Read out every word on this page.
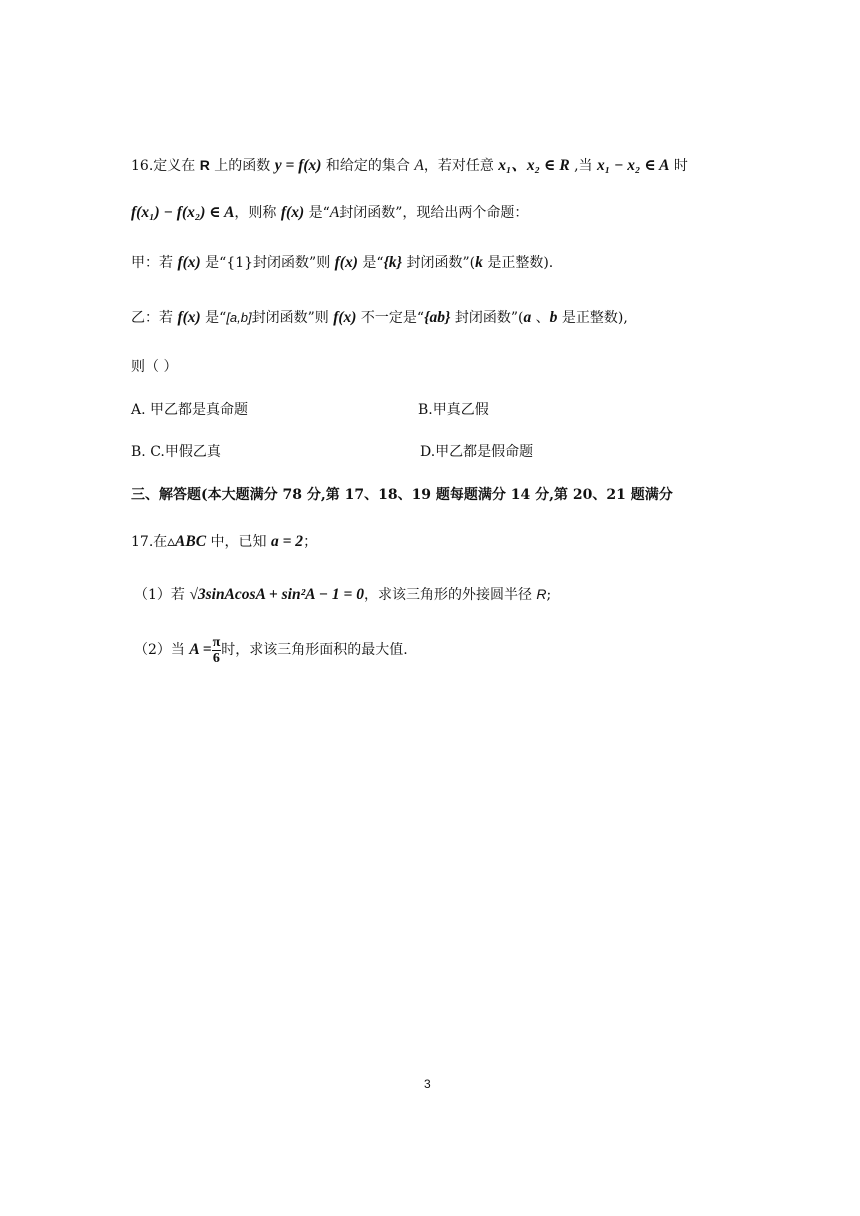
16.定义在 R 上的函数 y = f(x) 和给定的集合 A，若对任意 x₁、x₂ ∈ R ,当 x₁ − x₂ ∈ A 时
f(x₁) − f(x₂) ∈ A，则称 f(x) 是“A封闭函数”，现给出两个命题：
甲：若 f(x) 是“{1}封闭函数”则 f(x) 是“{k} 封闭函数”(k 是正整数).
乙：若 f(x) 是“[a,b]封闭函数”则 f(x) 不一定是“{ab} 封闭函数”(a 、b 是正整数),
则（ ）
A. 甲乙都是真命题	B.甲真乙假
B. C.甲假乙真	D.甲乙都是假命题
三、解答题(本大题满分 78 分,第 17、18、19 题每题满分 14 分,第 20、21 题满分
17.在▵ABC 中，已知 a = 2；
（1）若 √3sinAcosA + sin²A − 1 = 0，求该三角形的外接圆半径 R;
（2）当 $A = \frac{\pi}{6}$ 时，求该三角形面积的最大值.
3
